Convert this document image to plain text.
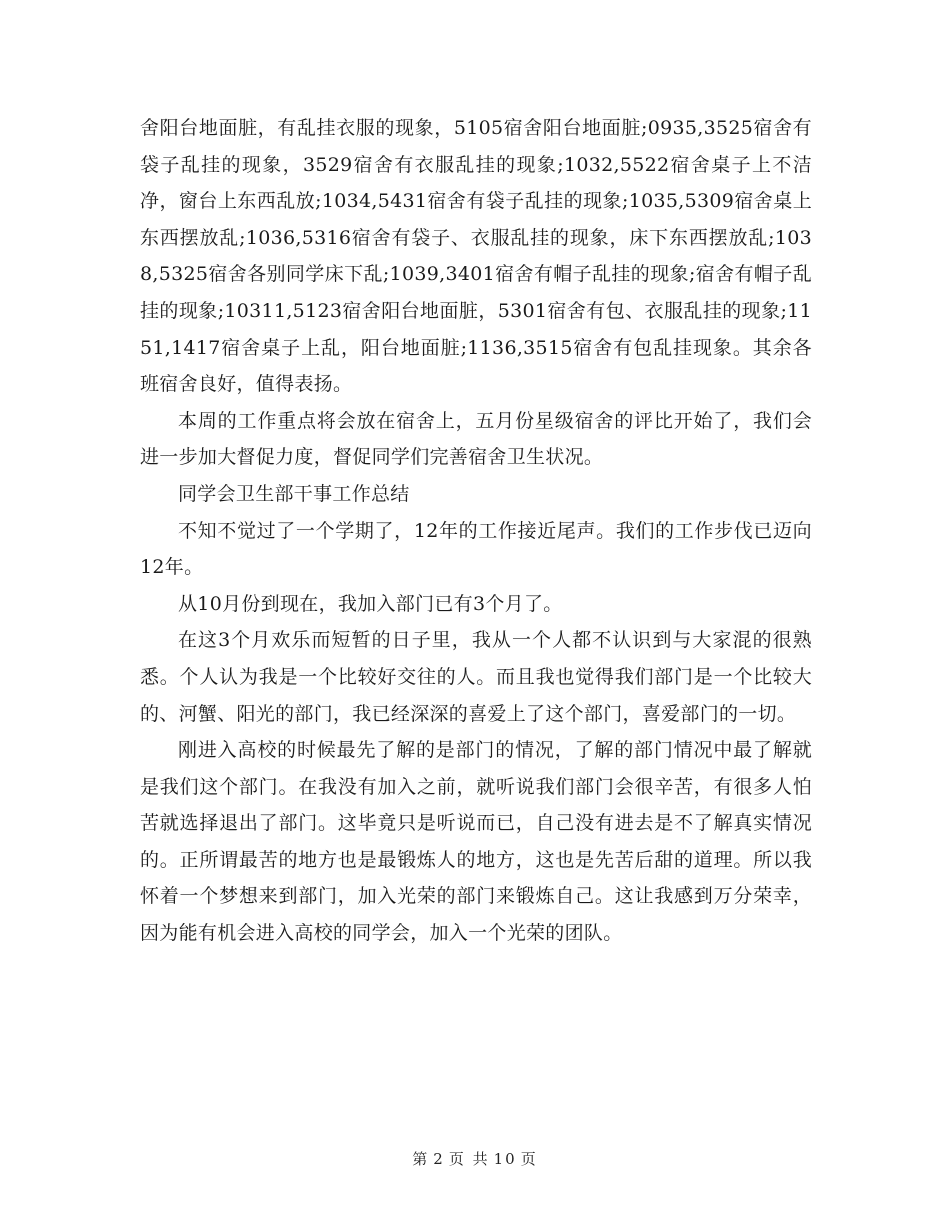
舍阳台地面脏，有乱挂衣服的现象，5105宿舍阳台地面脏;0935,3525宿舍有袋子乱挂的现象，3529宿舍有衣服乱挂的现象;1032,5522宿舍桌子上不洁净，窗台上东西乱放;1034,5431宿舍有袋子乱挂的现象;1035,5309宿舍桌上东西摆放乱;1036,5316宿舍有袋子、衣服乱挂的现象，床下东西摆放乱;1038,5325宿舍各别同学床下乱;1039,3401宿舍有帽子乱挂的现象;宿舍有帽子乱挂的现象;10311,5123宿舍阳台地面脏，5301宿舍有包、衣服乱挂的现象;1151,1417宿舍桌子上乱，阳台地面脏;1136,3515宿舍有包乱挂现象。其余各班宿舍良好，值得表扬。

本周的工作重点将会放在宿舍上，五月份星级宿舍的评比开始了，我们会进一步加大督促力度，督促同学们完善宿舍卫生状况。

同学会卫生部干事工作总结

不知不觉过了一个学期了，12年的工作接近尾声。我们的工作步伐已迈向12年。

从10月份到现在，我加入部门已有3个月了。

在这3个月欢乐而短暂的日子里，我从一个人都不认识到与大家混的很熟悉。个人认为我是一个比较好交往的人。而且我也觉得我们部门是一个比较大的、河蟹、阳光的部门，我已经深深的喜爱上了这个部门，喜爱部门的一切。

刚进入高校的时候最先了解的是部门的情况，了解的部门情况中最了解就是我们这个部门。在我没有加入之前，就听说我们部门会很辛苦，有很多人怕苦就选择退出了部门。这毕竟只是听说而已，自己没有进去是不了解真实情况的。正所谓最苦的地方也是最锻炼人的地方，这也是先苦后甜的道理。所以我怀着一个梦想来到部门，加入光荣的部门来锻炼自己。这让我感到万分荣幸，因为能有机会进入高校的同学会，加入一个光荣的团队。

第 2 页 共 10 页
